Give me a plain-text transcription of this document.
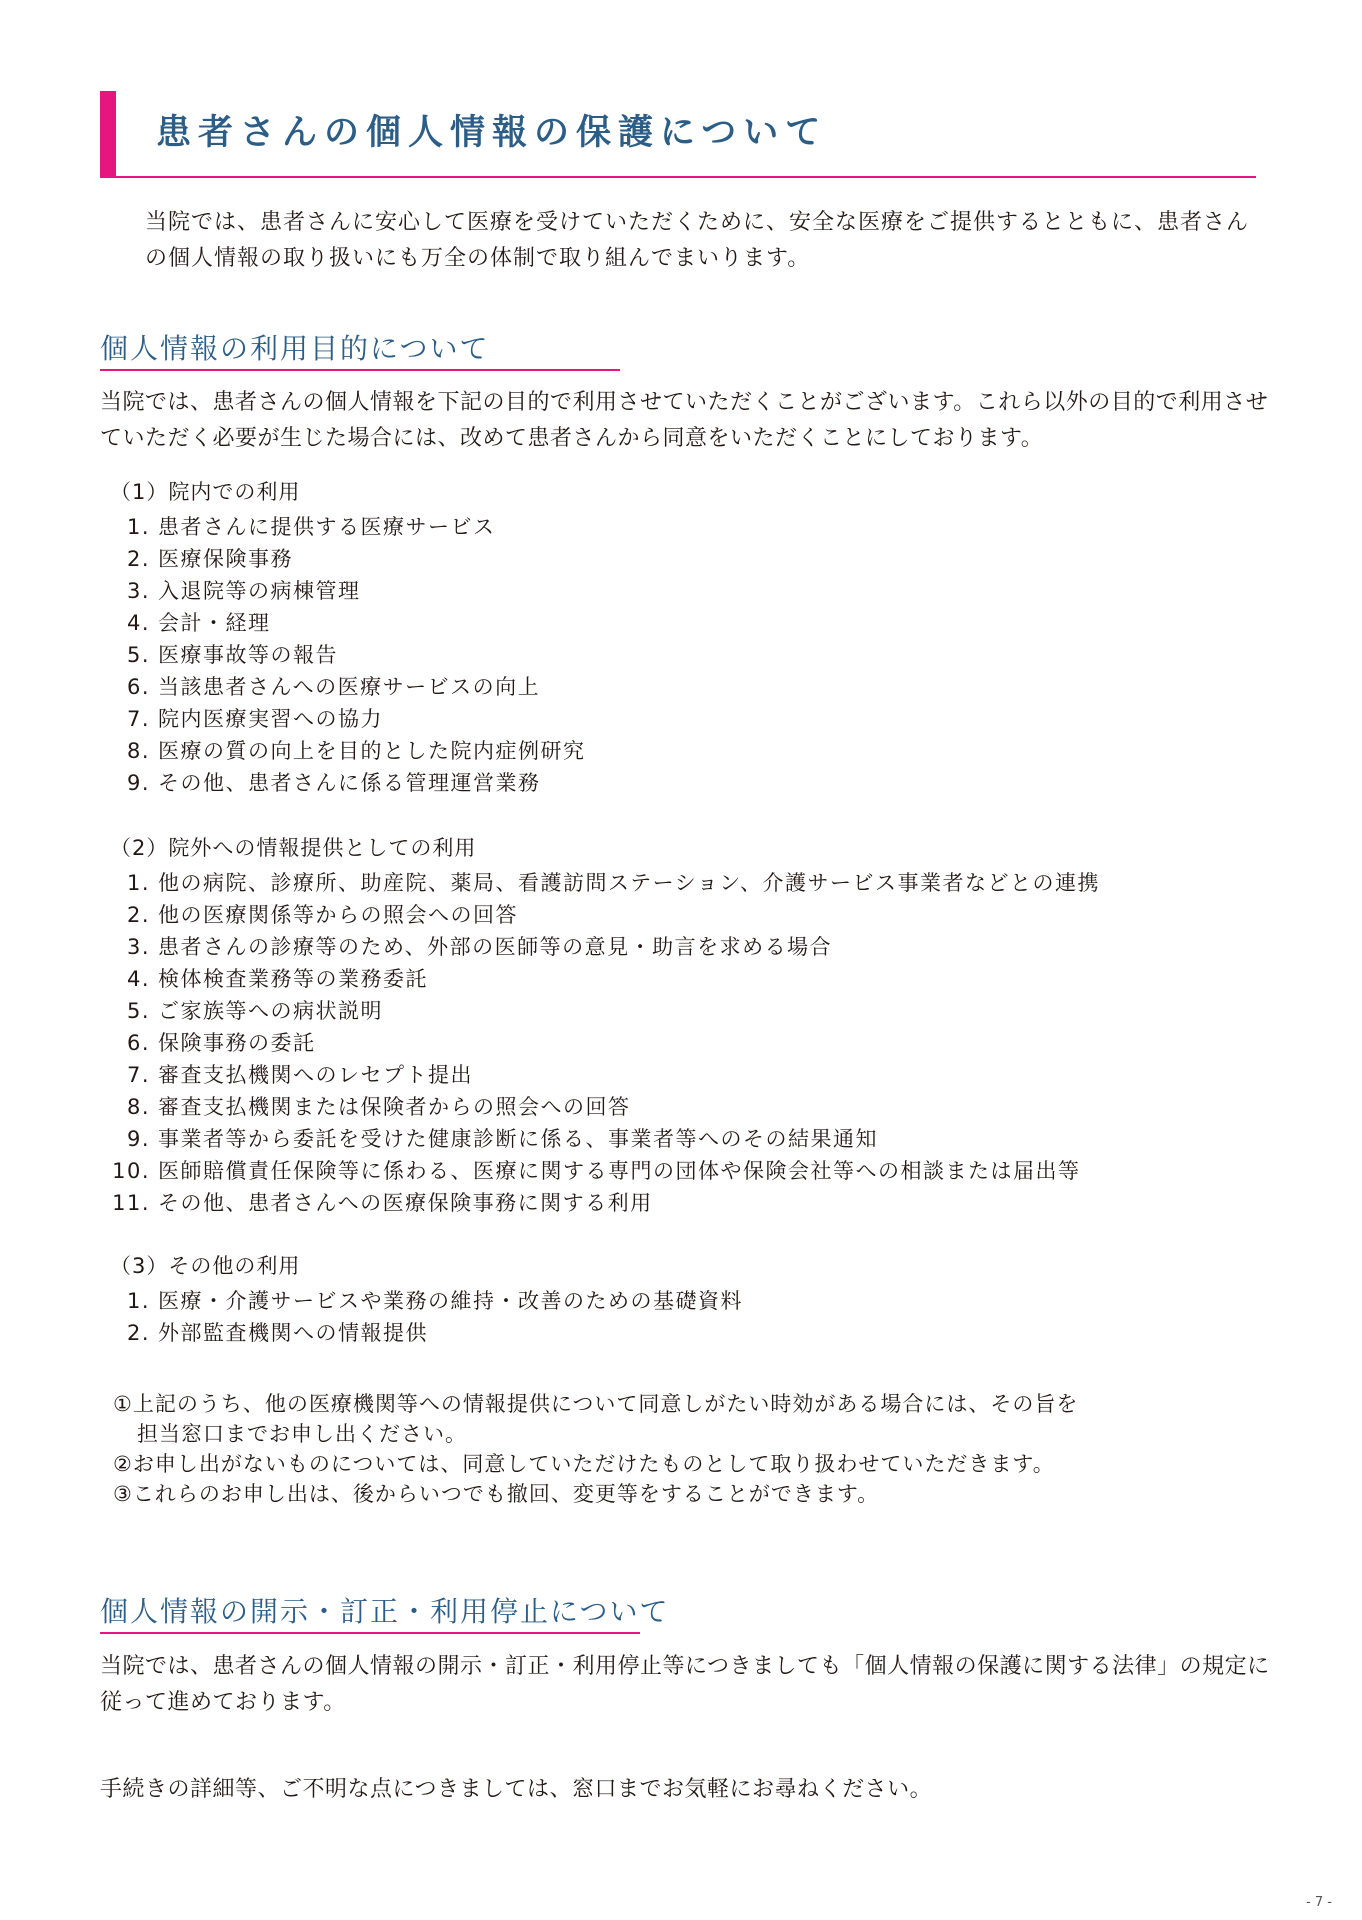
患者さんの個人情報の保護について
当院では、患者さんに安心して医療を受けていただくために、安全な医療をご提供するとともに、患者さんの個人情報の取り扱いにも万全の体制で取り組んでまいります。
個人情報の利用目的について
当院では、患者さんの個人情報を下記の目的で利用させていただくことがございます。これら以外の目的で利用させていただく必要が生じた場合には、改めて患者さんから同意をいただくことにしております。
（1）院内での利用
1. 患者さんに提供する医療サービス
2. 医療保険事務
3. 入退院等の病棟管理
4. 会計・経理
5. 医療事故等の報告
6. 当該患者さんへの医療サービスの向上
7. 院内医療実習への協力
8. 医療の質の向上を目的とした院内症例研究
9. その他、患者さんに係る管理運営業務
（2）院外への情報提供としての利用
1. 他の病院、診療所、助産院、薬局、看護訪問ステーション、介護サービス事業者などとの連携
2. 他の医療関係等からの照会への回答
3. 患者さんの診療等のため、外部の医師等の意見・助言を求める場合
4. 検体検査業務等の業務委託
5. ご家族等への病状説明
6. 保険事務の委託
7. 審査支払機関へのレセプト提出
8. 審査支払機関または保険者からの照会への回答
9. 事業者等から委託を受けた健康診断に係る、事業者等へのその結果通知
10. 医師賠償責任保険等に係わる、医療に関する専門の団体や保険会社等への相談または届出等
11. その他、患者さんへの医療保険事務に関する利用
（3）その他の利用
1. 医療・介護サービスや業務の維持・改善のための基礎資料
2. 外部監査機関への情報提供
①上記のうち、他の医療機関等への情報提供について同意しがたい時効がある場合には、その旨を
担当窓口までお申し出ください。
②お申し出がないものについては、同意していただけたものとして取り扱わせていただきます。
③これらのお申し出は、後からいつでも撤回、変更等をすることができます。
個人情報の開示・訂正・利用停止について
当院では、患者さんの個人情報の開示・訂正・利用停止等につきましても「個人情報の保護に関する法律」の規定に従って進めております。
手続きの詳細等、ご不明な点につきましては、窓口までお気軽にお尋ねください。
- 7 -
